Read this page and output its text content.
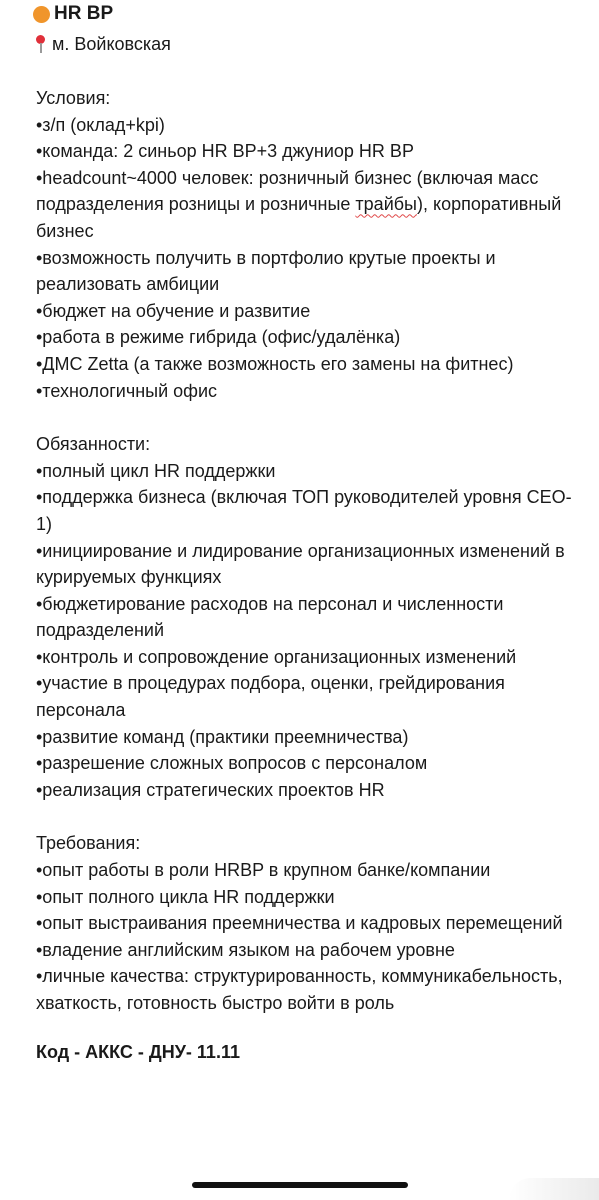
HR BP
м. Войковская
Условия:
•з/п (оклад+kpi)
•команда: 2 синьор HR BP+3 джуниор HR BP
•headcount~4000 человек: розничный бизнес (включая масс подразделения розницы и розничные трайбы), корпоративный бизнес
•возможность получить в портфолио крутые проекты и реализовать амбиции
•бюджет на обучение и развитие
•работа в режиме гибрида (офис/удалёнка)
•ДМС Zetta (а также возможность его замены на фитнес)
•технологичный офис
Обязанности:
•полный цикл HR поддержки
•поддержка бизнеса (включая ТОП руководителей уровня CEO-1)
•инициирование и лидирование организационных изменений в курируемых функциях
•бюджетирование расходов на персонал и численности подразделений
•контроль и сопровождение организационных изменений
•участие в процедурах подбора, оценки, грейдирования персонала
•развитие команд (практики преемничества)
•разрешение сложных вопросов с персоналом
•реализация стратегических проектов HR
Требования:
•опыт работы в роли HRBP в крупном банке/компании
•опыт полного цикла HR поддержки
•опыт выстраивания преемничества и кадровых перемещений
•владение английским языком на рабочем уровне
•личные качества: структурированность, коммуникабельность, хваткость, готовность быстро войти в роль
Код - АККС - ДНУ- 11.11
